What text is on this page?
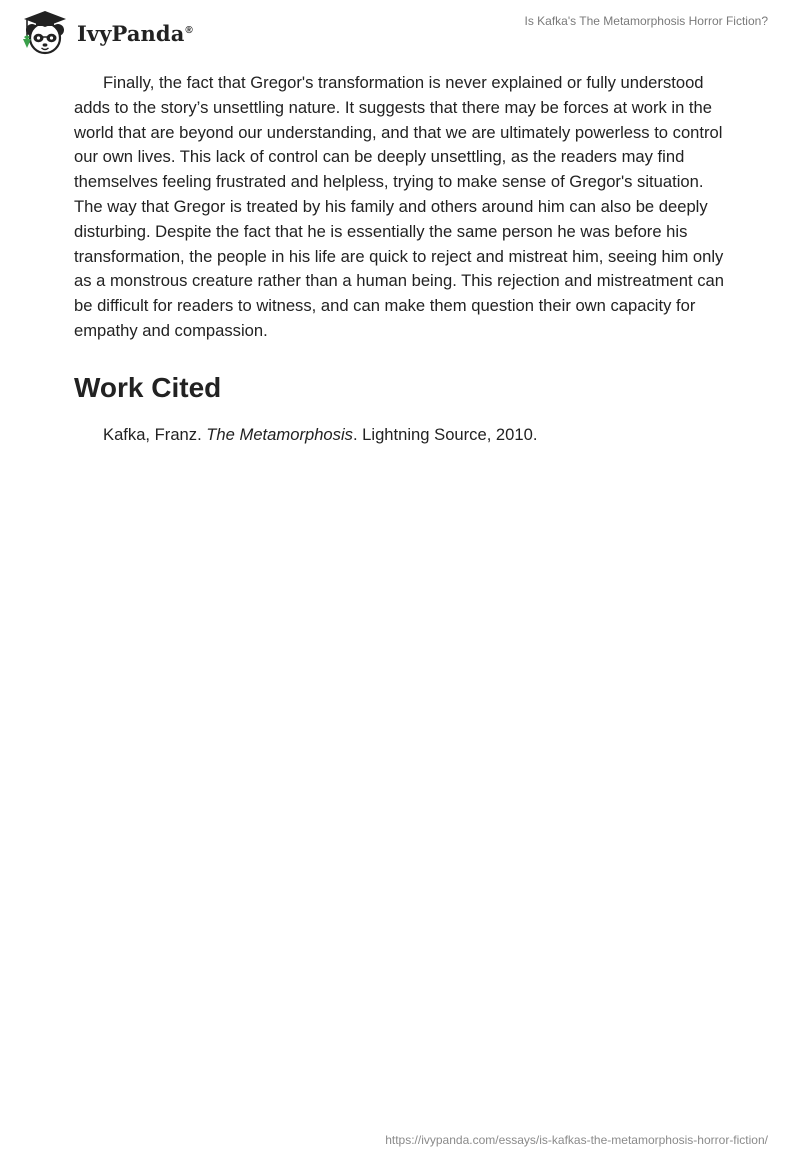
IvyPanda®
Is Kafka's The Metamorphosis Horror Fiction?

Finally, the fact that Gregor's transformation is never explained or fully understood adds to the story’s unsettling nature. It suggests that there may be forces at work in the world that are beyond our understanding, and that we are ultimately powerless to control our own lives. This lack of control can be deeply unsettling, as the readers may find themselves feeling frustrated and helpless, trying to make sense of Gregor's situation. The way that Gregor is treated by his family and others around him can also be deeply disturbing. Despite the fact that he is essentially the same person he was before his transformation, the people in his life are quick to reject and mistreat him, seeing him only as a monstrous creature rather than a human being. This rejection and mistreatment can be difficult for readers to witness, and can make them question their own capacity for empathy and compassion.

Work Cited

Kafka, Franz. The Metamorphosis. Lightning Source, 2010.

https://ivypanda.com/essays/is-kafkas-the-metamorphosis-horror-fiction/
